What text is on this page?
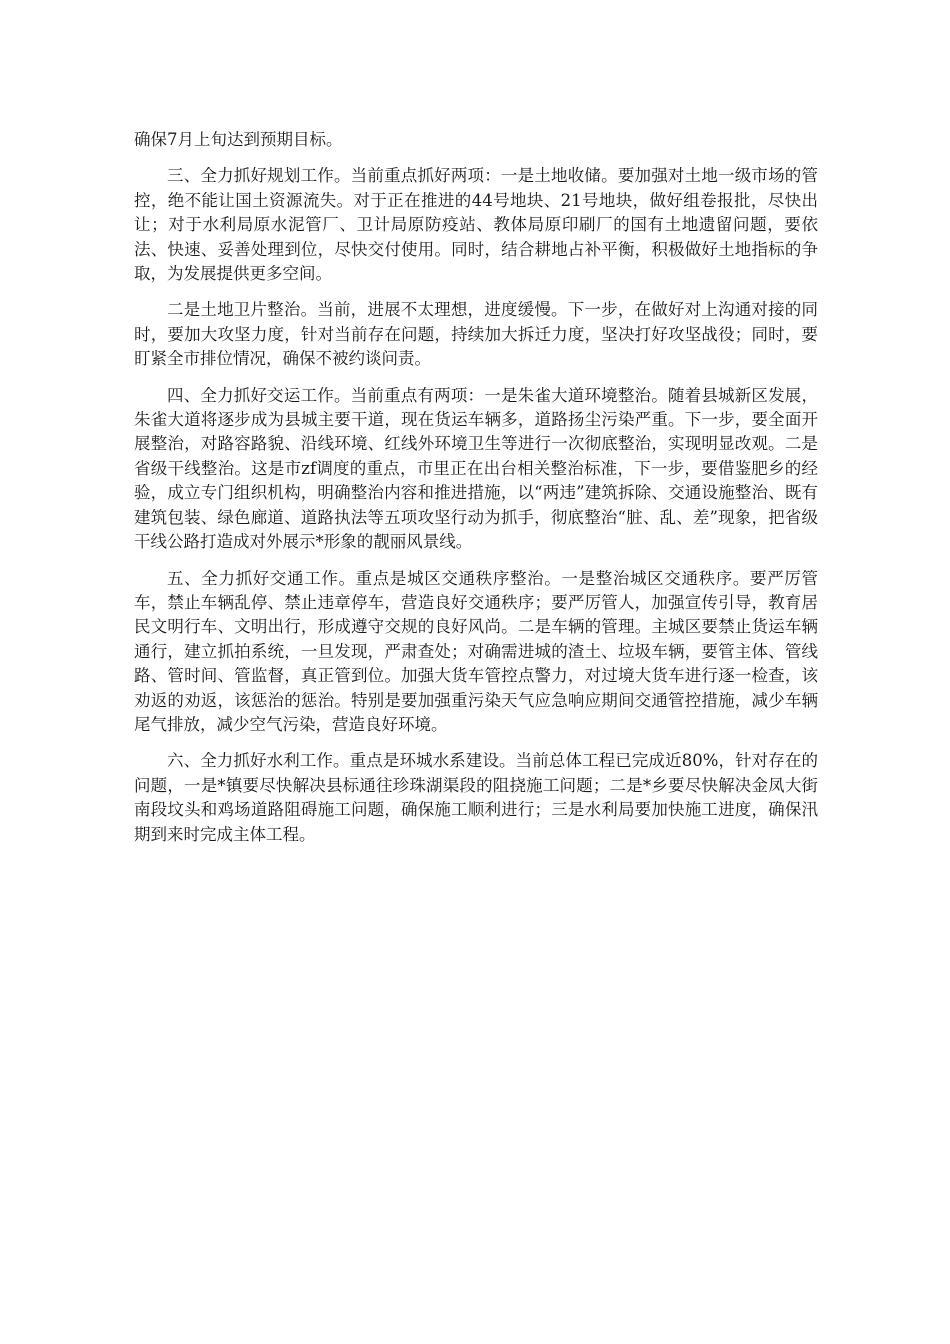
确保7月上旬达到预期目标。

三、全力抓好规划工作。当前重点抓好两项：一是土地收储。要加强对土地一级市场的管控，绝不能让国土资源流失。对于正在推进的44号地块、21号地块，做好组卷报批，尽快出让；对于水利局原水泥管厂、卫计局原防疫站、教体局原印刷厂的国有土地遗留问题，要依法、快速、妥善处理到位，尽快交付使用。同时，结合耕地占补平衡，积极做好土地指标的争取，为发展提供更多空间。

二是土地卫片整治。当前，进展不太理想，进度缓慢。下一步，在做好对上沟通对接的同时，要加大攻坚力度，针对当前存在问题，持续加大拆迁力度，坚决打好攻坚战役；同时，要盯紧全市排位情况，确保不被约谈问责。

四、全力抓好交运工作。当前重点有两项：一是朱雀大道环境整治。随着县城新区发展，朱雀大道将逐步成为县城主要干道，现在货运车辆多，道路扬尘污染严重。下一步，要全面开展整治，对路容路貌、沿线环境、红线外环境卫生等进行一次彻底整治，实现明显改观。二是省级干线整治。这是市zf调度的重点，市里正在出台相关整治标准，下一步，要借鉴肥乡的经验，成立专门组织机构，明确整治内容和推进措施，以“两违”建筑拆除、交通设施整治、既有建筑包装、绿色廊道、道路执法等五项攻坚行动为抓手，彻底整治“脏、乱、差”现象，把省级干线公路打造成对外展示*形象的靓丽风景线。

五、全力抓好交通工作。重点是城区交通秩序整治。一是整治城区交通秩序。要严厉管车，禁止车辆乱停、禁止违章停车，营造良好交通秩序；要严厉管人，加强宣传引导，教育居民文明行车、文明出行，形成遵守交规的良好风尚。二是车辆的管理。主城区要禁止货运车辆通行，建立抓拍系统，一旦发现，严肃查处；对确需进城的渣土、垃圾车辆，要管主体、管线路、管时间、管监督，真正管到位。加强大货车管控点警力，对过境大货车进行逐一检查，该劝返的劝返，该惩治的惩治。特别是要加强重污染天气应急响应期间交通管控措施，减少车辆尾气排放，减少空气污染，营造良好环境。

六、全力抓好水利工作。重点是环城水系建设。当前总体工程已完成近80%，针对存在的问题，一是*镇要尽快解决县标通往珍珠湖渠段的阻挠施工问题；二是*乡要尽快解决金凤大街南段坟头和鸡场道路阻碍施工问题，确保施工顺利进行；三是水利局要加快施工进度，确保汛期到来时完成主体工程。
